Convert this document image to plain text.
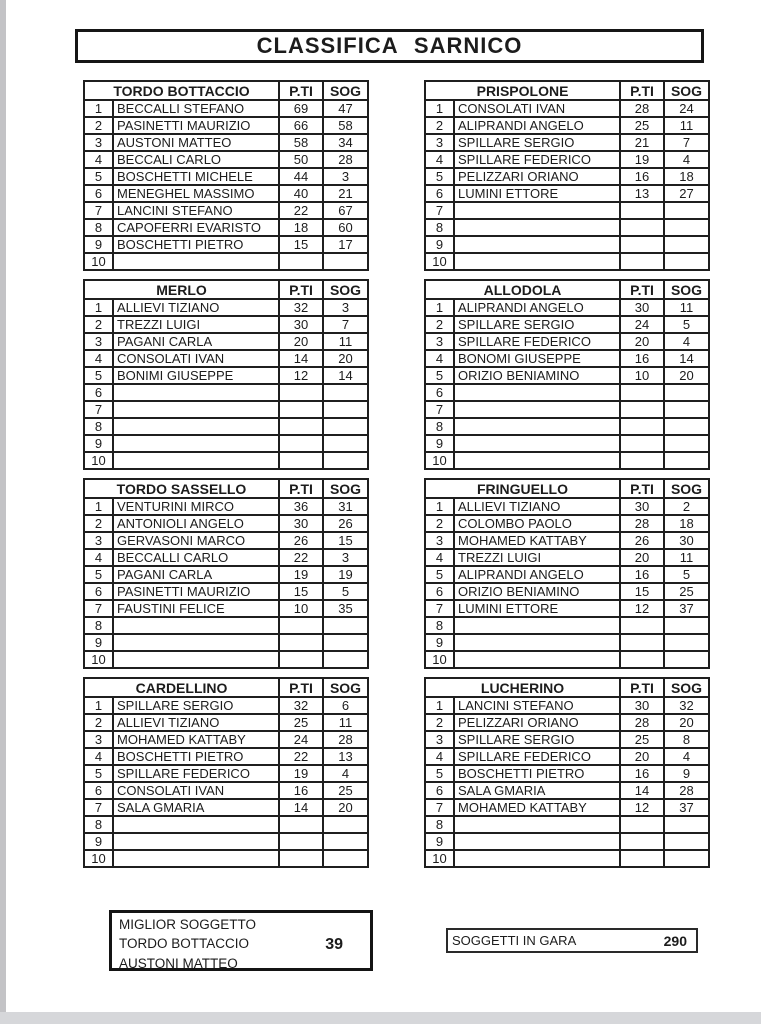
CLASSIFICA SARNICO
TORDO BOTTACCIO		P.TI	SOG
1	BECCALLI STEFANO	69	47
2	PASINETTI MAURIZIO	66	58
3	AUSTONI MATTEO	58	34
4	BECCALI CARLO	50	28
5	BOSCHETTI MICHELE	44	3
6	MENEGHEL MASSIMO	40	21
7	LANCINI STEFANO	22	67
8	CAPOFERRI EVARISTO	18	60
9	BOSCHETTI PIETRO	15	17
10			
PRISPOLONE		P.TI	SOG
1	CONSOLATI IVAN	28	24
2	ALIPRANDI ANGELO	25	11
3	SPILLARE SERGIO	21	7
4	SPILLARE FEDERICO	19	4
5	PELIZZARI ORIANO	16	18
6	LUMINI ETTORE	13	27
7			
8			
9			
10			
MERLO		P.TI	SOG
1	ALLIEVI TIZIANO	32	3
2	TREZZI LUIGI	30	7
3	PAGANI CARLA	20	11
4	CONSOLATI IVAN	14	20
5	BONIMI GIUSEPPE	12	14
6			
7			
8			
9			
10			
ALLODOLA		P.TI	SOG
1	ALIPRANDI ANGELO	30	11
2	SPILLARE SERGIO	24	5
3	SPILLARE FEDERICO	20	4
4	BONOMI GIUSEPPE	16	14
5	ORIZIO BENIAMINO	10	20
6			
7			
8			
9			
10			
TORDO SASSELLO		P.TI	SOG
1	VENTURINI MIRCO	36	31
2	ANTONIOLI ANGELO	30	26
3	GERVASONI MARCO	26	15
4	BECCALLI CARLO	22	3
5	PAGANI CARLA	19	19
6	PASINETTI MAURIZIO	15	5
7	FAUSTINI FELICE	10	35
8			
9			
10			
FRINGUELLO		P.TI	SOG
1	ALLIEVI TIZIANO	30	2
2	COLOMBO PAOLO	28	18
3	MOHAMED KATTABY	26	30
4	TREZZI LUIGI	20	11
5	ALIPRANDI ANGELO	16	5
6	ORIZIO BENIAMINO	15	25
7	LUMINI ETTORE	12	37
8			
9			
10			
CARDELLINO		P.TI	SOG
1	SPILLARE SERGIO	32	6
2	ALLIEVI TIZIANO	25	11
3	MOHAMED KATTABY	24	28
4	BOSCHETTI PIETRO	22	13
5	SPILLARE FEDERICO	19	4
6	CONSOLATI IVAN	16	25
7	SALA GMARIA	14	20
8			
9			
10			
LUCHERINO		P.TI	SOG
1	LANCINI STEFANO	30	32
2	PELIZZARI ORIANO	28	20
3	SPILLARE SERGIO	25	8
4	SPILLARE FEDERICO	20	4
5	BOSCHETTI PIETRO	16	9
6	SALA GMARIA	14	28
7	MOHAMED KATTABY	12	37
8			
9			
10			
MIGLIOR SOGGETTO
TORDO BOTTACCIO	39
AUSTONI MATTEO
SOGGETTI IN GARA	290
